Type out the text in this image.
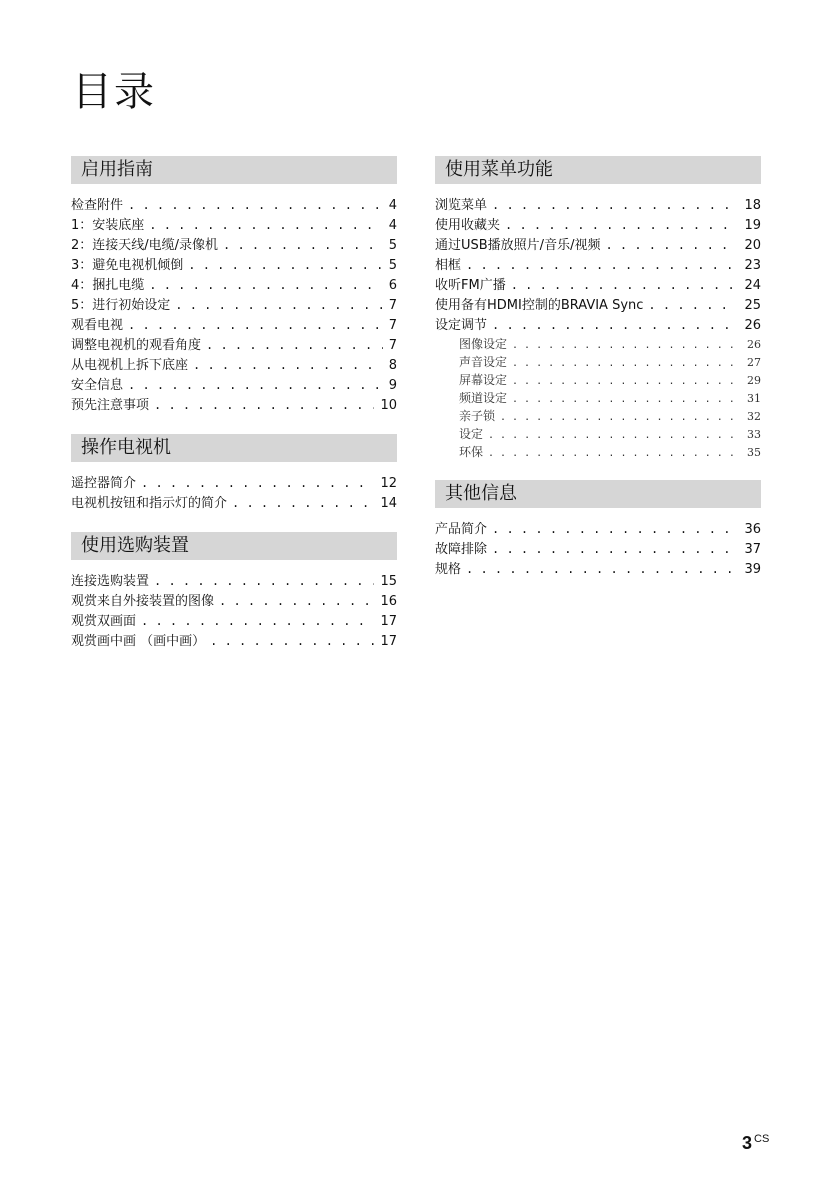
目录
启用指南
检查附件 . . .	4
1：安装底座 . . .	4
2：连接天线/电缆/录像机 . . .	5
3：避免电视机倾倒 . . .	5
4：捆扎电缆 . . .	6
5：进行初始设定 . . .	7
观看电视 . . .	7
调整电视机的观看角度 . . .	7
从电视机上拆下底座 . . .	8
安全信息 . . .	9
预先注意事项 . . .	10
操作电视机
遥控器简介 . . .	12
电视机按钮和指示灯的简介 . . .	14
使用选购装置
连接选购装置 . . .	15
观赏来自外接装置的图像 . . .	16
观赏双画面 . . .	17
观赏画中画 （画中画） . . .	17
使用菜单功能
浏览菜单 . . .	18
使用收藏夹 . . .	19
通过USB播放照片/音乐/视频 . . .	20
相框 . . .	23
收听FM广播 . . .	24
使用备有HDMI控制的BRAVIA Sync . . .	25
设定调节 . . .	26
图像设定 . . .	26
声音设定 . . .	27
屏幕设定 . . .	29
频道设定 . . .	31
亲子锁 . . .	32
设定 . . .	33
环保 . . .	35
其他信息
产品简介 . . .	36
故障排除 . . .	37
规格 . . .	39
3 $^{CS}$
